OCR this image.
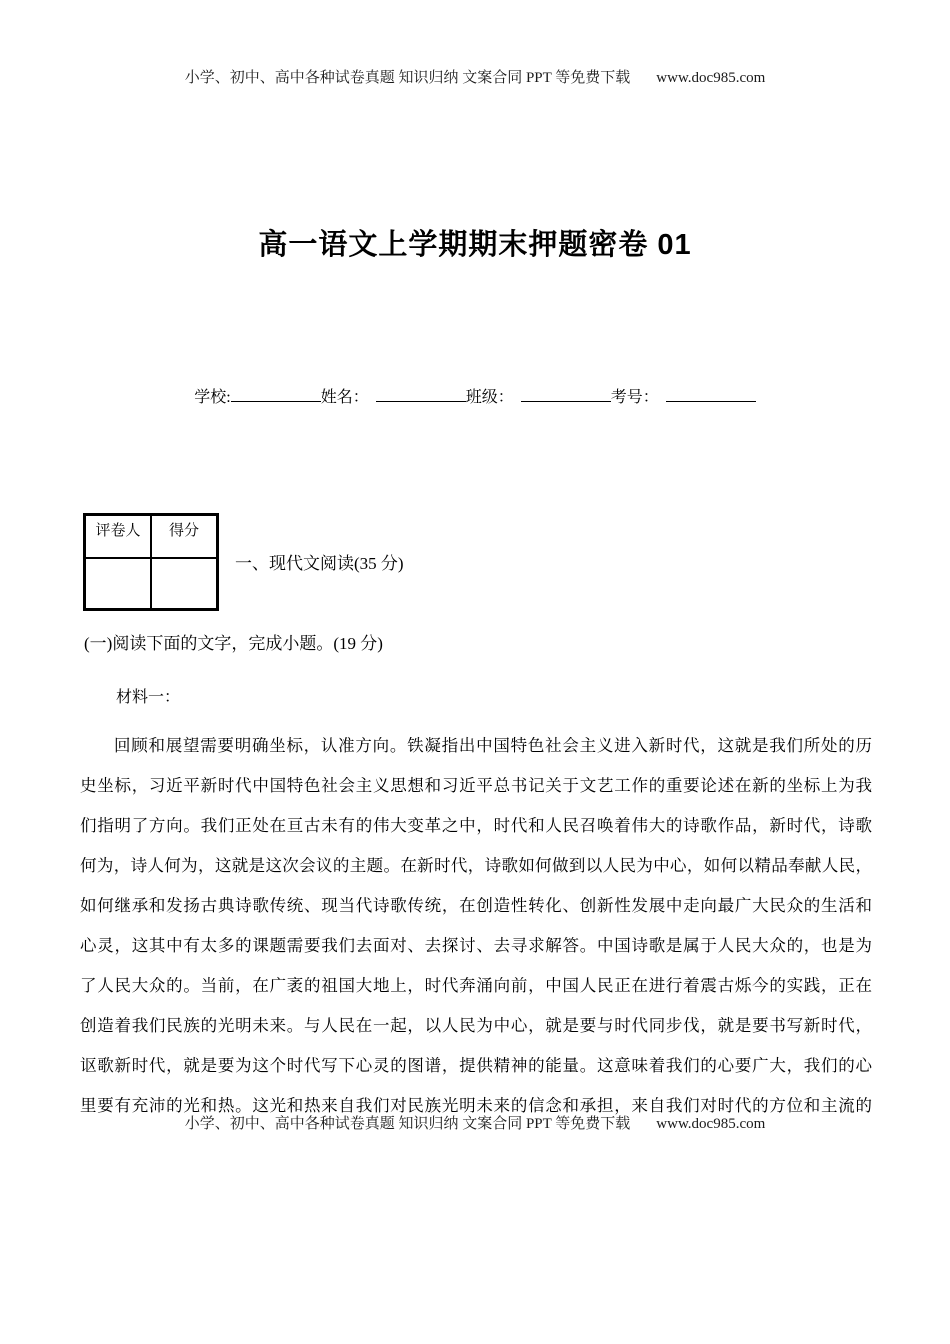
小学、初中、高中各种试卷真题 知识归纳 文案合同 PPT 等免费下载 www.doc985.com
高一语文上学期期末押题密卷 01
学校:	姓名：	班级：	考号：
评卷人	得分

一、现代文阅读(35 分)
(一)阅读下面的文字，完成小题。(19 分)
材料一：
回顾和展望需要明确坐标，认准方向。铁凝指出中国特色社会主义进入新时代，这就是我们所处的历
史坐标，习近平新时代中国特色社会主义思想和习近平总书记关于文艺工作的重要论述在新的坐标上为我
们指明了方向。我们正处在亘古未有的伟大变革之中，时代和人民召唤着伟大的诗歌作品，新时代，诗歌
何为，诗人何为，这就是这次会议的主题。在新时代，诗歌如何做到以人民为中心，如何以精品奉献人民，
如何继承和发扬古典诗歌传统、现当代诗歌传统，在创造性转化、创新性发展中走向最广大民众的生活和
心灵，这其中有太多的课题需要我们去面对、去探讨、去寻求解答。中国诗歌是属于人民大众的，也是为
了人民大众的。当前，在广袤的祖国大地上，时代奔涌向前，中国人民正在进行着震古烁今的实践，正在
创造着我们民族的光明未来。与人民在一起，以人民为中心，就是要与时代同步伐，就是要书写新时代，
讴歌新时代，就是要为这个时代写下心灵的图谱，提供精神的能量。这意味着我们的心要广大，我们的心
里要有充沛的光和热。这光和热来自我们对民族光明未来的信念和承担，来自我们对时代的方位和主流的
小学、初中、高中各种试卷真题 知识归纳 文案合同 PPT 等免费下载 www.doc985.com
